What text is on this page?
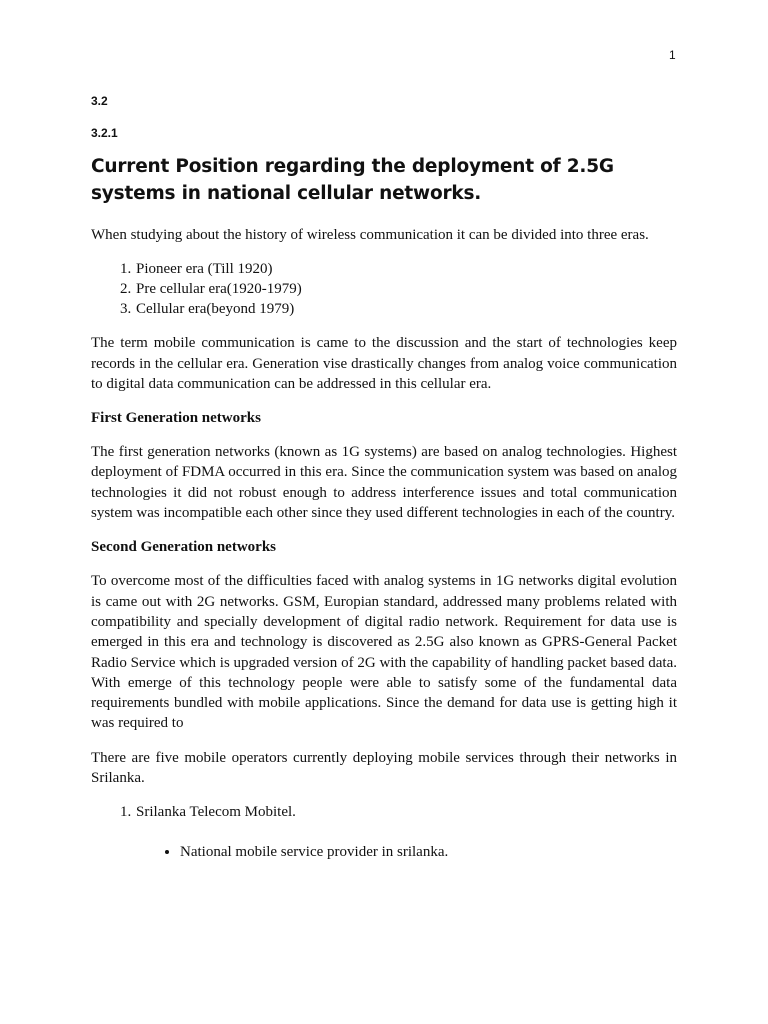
1

3.2

3.2.1

Current Position regarding the deployment of 2.5G systems in national cellular networks.

When studying about the history of wireless communication it can be divided into three eras.

1. Pioneer era (Till 1920)
2. Pre cellular era(1920-1979)
3. Cellular era(beyond 1979)

The term mobile communication is came to the discussion and the start of technologies keep records in the cellular era. Generation vise drastically changes from analog voice communication to digital data communication can be addressed in this cellular era.

First Generation networks

The first generation networks (known as 1G systems) are based on analog technologies. Highest deployment of FDMA occurred in this era. Since the communication system was based on analog technologies it did not robust enough to address interference issues and total communication system was incompatible each other since they used different technologies in each of the country.

Second Generation networks

To overcome most of the difficulties faced with analog systems in 1G networks digital evolution is came out with 2G networks. GSM, Europian standard, addressed many problems related with compatibility and specially development of digital radio network. Requirement for data use is emerged in this era and technology is discovered as 2.5G also known as GPRS-General Packet Radio Service which is upgraded version of 2G with the capability of handling packet based data. With emerge of this technology people were able to satisfy some of the fundamental data requirements bundled with mobile applications. Since the demand for data use is getting high it was required to

There are five mobile operators currently deploying mobile services through their networks in Srilanka.

1. Srilanka Telecom Mobitel.
• National mobile service provider in srilanka.
